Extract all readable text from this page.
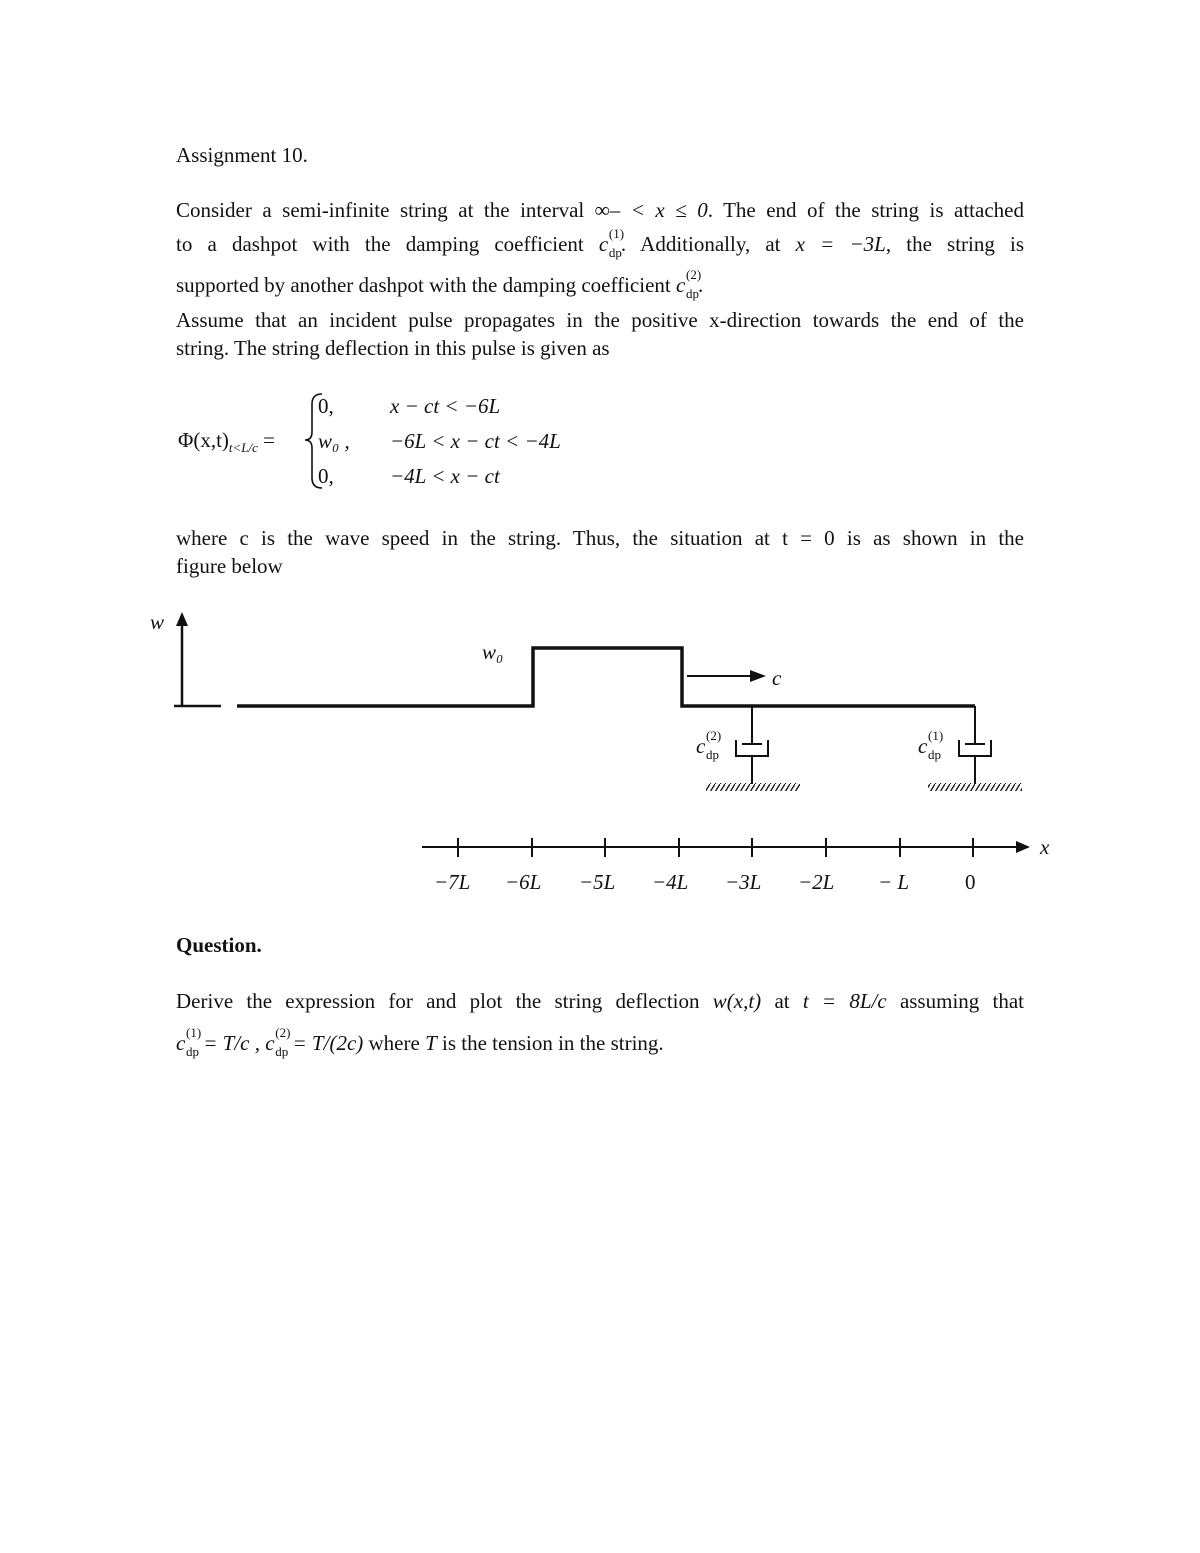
Assignment 10.
Consider a semi-infinite string at the interval ∞– < x ≤ 0. The end of the string is attached
to a dashpot with the damping coefficient c (1)
dp . Additionally, at x = −3L, the string is
supported by another dashpot with the damping coefficient c (2)
dp .
Assume that an incident pulse propagates in the positive x-direction towards the end of the
string. The string deflection in this pulse is given as
$\Phi(x,t)_{t<L/c}$ =
0,	x − ct < −6L
w₀ , −6L < x − ct < −4L
0,	−4L < x − ct
where c is the wave speed in the string. Thus, the situation at t = 0 is as shown in the
figure below
w
w₀
c
x
c (2)
dp	c (1)
dp
−7L −6L −5L −4L −3L −2L − L	0
Question.
Derive the expression for and plot the string deflection w(x,t) at t = 8L/c assuming that
c (1)
dp = T/c , c (2)
dp = T/(2c) where T is the tension in the string.
